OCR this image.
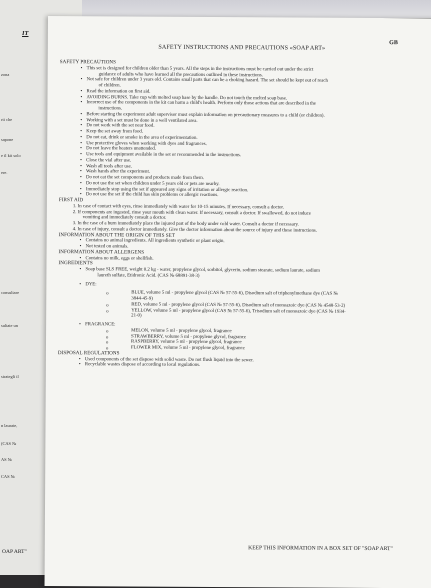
IT
zona
rti che
sapone
e il kit solo
ere.
consultare
sultate un
strategli il
n laurate,
(CAS №
AS №
CAS №
OAP ART"
GB
SAFETY INSTRUCTIONS AND PRECAUTIONS «SOAP ART»
SAFETY PRECAUTIONS
• This set is designed for children older than 5 years. All the steps in the instructions must be carried out under the strict
guidance of adults who have learned all the precautions outlined in these instructions.
• Not safe for children under 3 years old. Contains small parts that can be a choking hazard. The set should be kept out of reach
of children.
• Read the information on first aid.
• AVOIDING BURNS. Take cup with melted soap base by the handle. Do not touch the melted soap base.
• Incorrect use of the components in the kit can harm a child's health. Perform only those actions that are described in the
instructions.
• Before starting the experiment adult supervisor must explain information on precautionary measures to a child (or children).
• Working with a set must be done in a well ventilated area.
• Do not work with the set near food.
• Keep the set away from food.
• Do not eat, drink or smoke in the area of experimentation.
• Use protective gloves when working with dyes and fragrances.
• Do not leave the heaters unattended.
• Use tools and equipment available in the set or recommended in the instructions.
• Close the vial after use.
• Wash all tools after use.
• Wash hands after the experiment.
• Do not eat the set components and products made from them.
• Do not use the set when children under 5 years old or pets are nearby.
• Immediately stop using the set if appeared any signs of irritation or allergic reaction.
• Do not use the set if the child has skin problems or allergic reactions.
FIRST AID
1. In case of contact with eyes, rinse immediately with water for 10-15 minutes. If necessary, consult a doctor.
2. If components are ingested, rinse your mouth with clean water. If necessary, consult a doctor. If swallowed, do not induce
vomiting and immediately consult a doctor.
3. In the case of a burn immediately place the injured part of the body under cold water. Consult a doctor if necessary.
4. In case of injury, consult a doctor immediately. Give the doctor information about the source of injury and these instructions.
INFORMATION ABOUT THE ORIGIN OF THIS SET
• Contains no animal ingredients. All ingredients synthetic or plant origin.
• Not tested on animals.
INFORMATION ABOUT ALLERGENS
• Contains no milk, eggs or shellfish.
INGREDIENTS
• Soap base SLS FREE, weight 0.2 kg - water, propylene glycol, sorbitol, glycerin, sodium stearate, sodium laurate, sodium
laureth sulfate, Etidronic Acid. (CAS № 68891-38-3)
• DYE:
o BLUE, volume 5 ml - propylene glycol (CAS № 57-55-6), Disodium salt of triphenylmethane dye (CAS №
3844-45-9)
o RED, volume 5 ml - propylene glycol (CAS № 57-55-6), Disodium salt of monoazoic dye (CAS № 4548-53-2)
o YELLOW, volume 5 ml - propylene glycol (CAS № 57-55-6), Trisodium salt of monoazoic dye (CAS № 1934-
21-0)
• FRAGRANCE:
o MELON, volume 5 ml - propylene glycol, fragrance
o STRAWBERRY, volume 5 ml - propylene glycol, fragrance
o RASPBERRY, volume 5 ml - propylene glycol, fragrance
o FLOWER MIX, volume 5 ml - propylene glycol, fragrance
DISPOSAL REGULATIONS
• Used components of the set dispose with solid waste. Do not flush liquid into the sewer.
• Recyclable wastes dispose of according to local regulations.
KEEP THIS INFORMATION IN A BOX SET OF "SOAP ART"
